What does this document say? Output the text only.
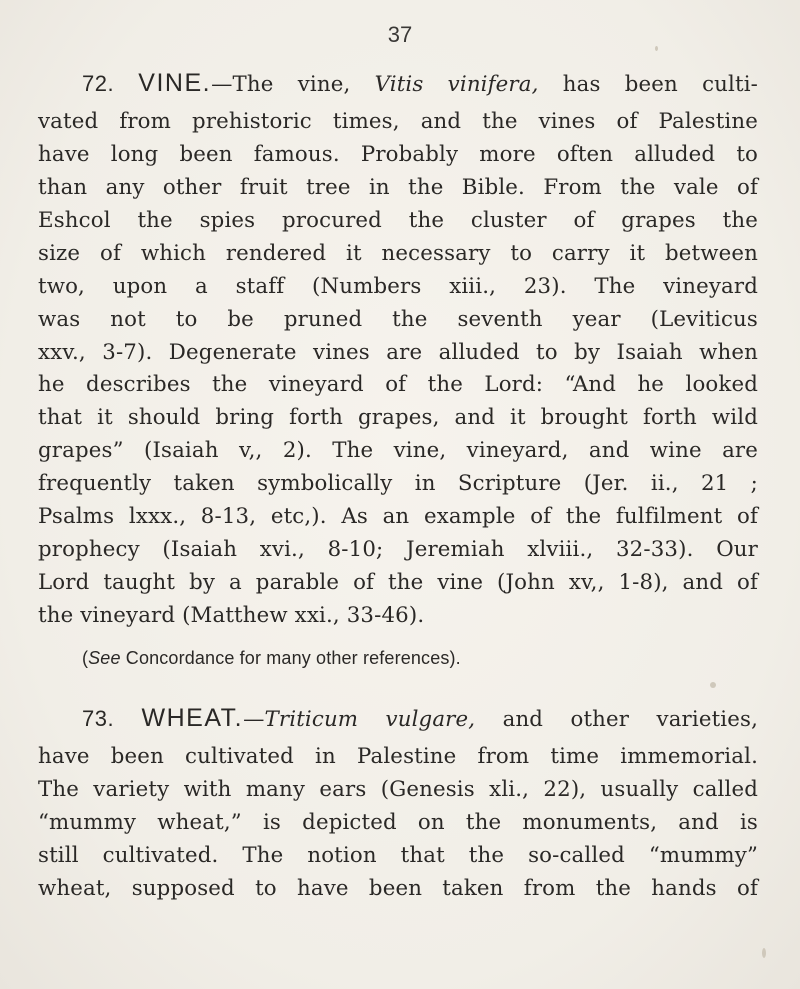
37
72. VINE.—The vine, Vitis vinifera, has been culti-
vated from prehistoric times, and the vines of Palestine
have long been famous. Probably more often alluded to
than any other fruit tree in the Bible. From the vale of
Eshcol the spies procured the cluster of grapes the
size of which rendered it necessary to carry it between
two, upon a staff (Numbers xiii., 23). The vineyard
was not to be pruned the seventh year (Leviticus
xxv., 3-7). Degenerate vines are alluded to by Isaiah when
he describes the vineyard of the Lord: “And he looked
that it should bring forth grapes, and it brought forth wild
grapes” (Isaiah v,, 2). The vine, vineyard, and wine are
frequently taken symbolically in Scripture (Jer. ii., 21 ;
Psalms lxxx., 8-13, etc,). As an example of the fulfilment of
prophecy (Isaiah xvi., 8-10; Jeremiah xlviii., 32-33). Our
Lord taught by a parable of the vine (John xv,, 1-8), and of
the vineyard (Matthew xxi., 33-46).
(See Concordance for many other references).
73. WHEAT.—Triticum vulgare, and other varieties,
have been cultivated in Palestine from time immemorial.
The variety with many ears (Genesis xli., 22), usually called
“mummy wheat,” is depicted on the monuments, and is
still cultivated. The notion that the so-called “mummy”
wheat, supposed to have been taken from the hands of
